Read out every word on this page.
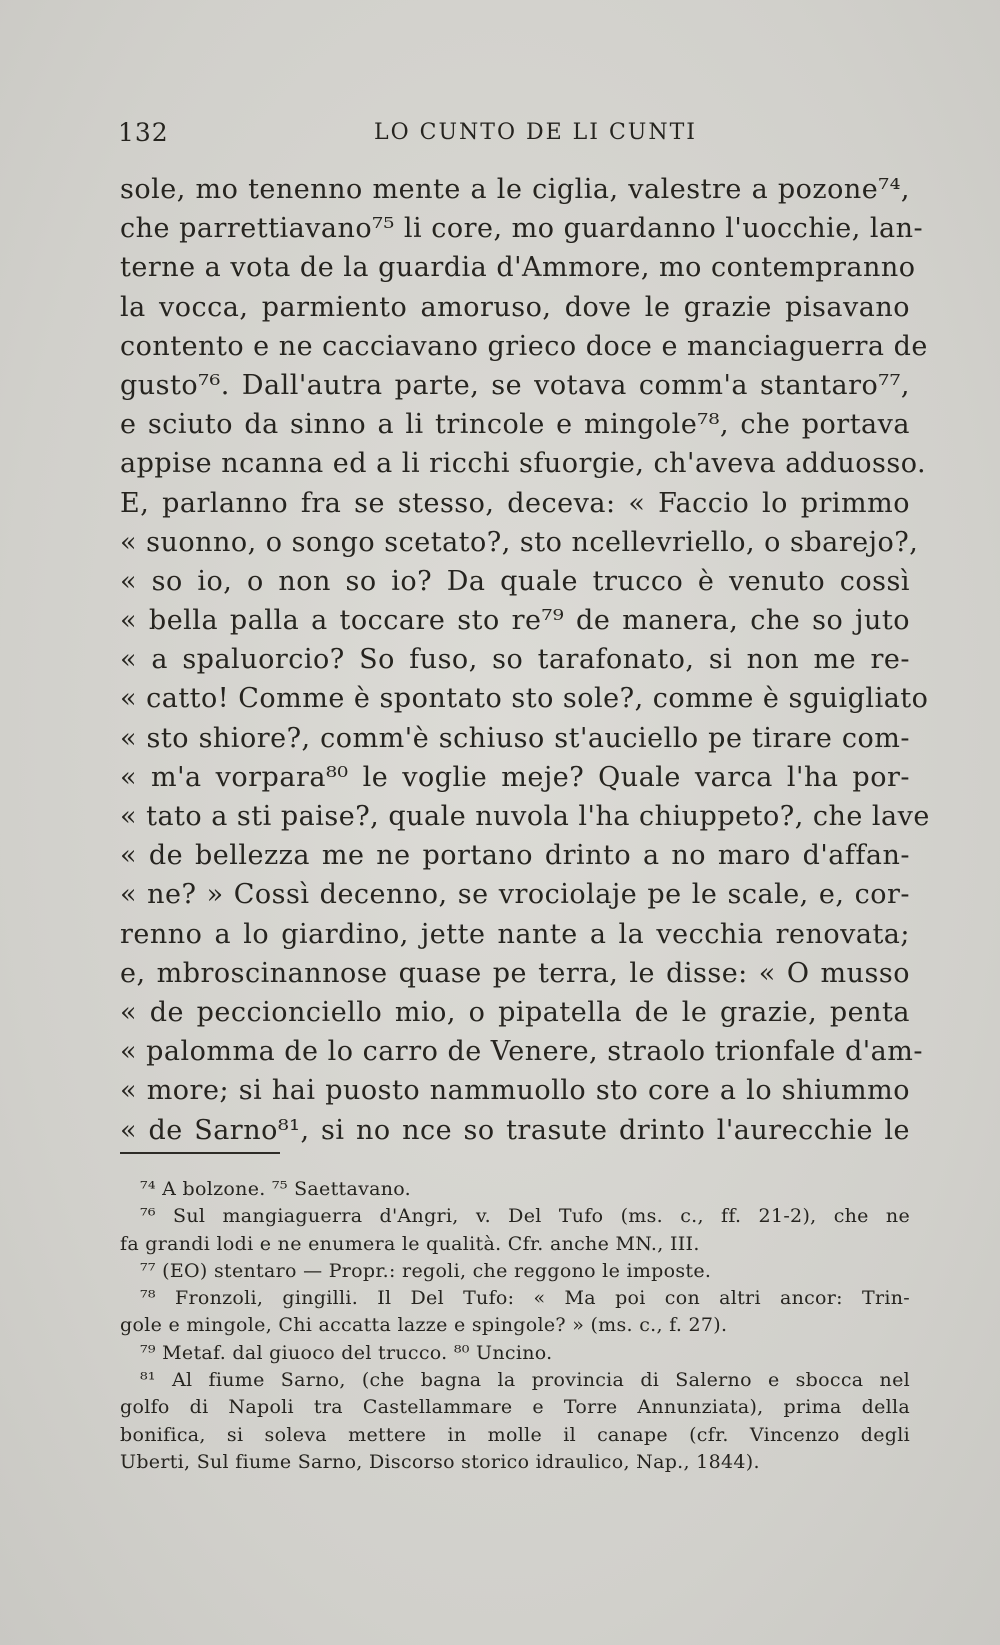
132	LO CUNTO DE LI CUNTI
sole, mo tenenno mente a le ciglia, valestre a pozone⁷⁴,
che parrettiavano⁷⁵ li core, mo guardanno l'uocchie, lan-
terne a vota de la guardia d'Ammore, mo contempranno
la vocca, parmiento amoruso, dove le grazie pisavano
contento e ne cacciavano grieco doce e manciaguerra de
gusto⁷⁶. Dall'autra parte, se votava comm'a stantaro⁷⁷,
e sciuto da sinno a li trincole e mingole⁷⁸, che portava
appise ncanna ed a li ricchi sfuorgie, ch'aveva adduosso.
E, parlanno fra se stesso, deceva: « Faccio lo primmo
« suonno, o songo scetato?, sto ncellevriello, o sbarejo?,
« so io, o non so io? Da quale trucco è venuto cossì
« bella palla a toccare sto re⁷⁹ de manera, che so juto
« a spaluorcio? So fuso, so tarafonato, si non me re-
« catto! Comme è spontato sto sole?, comme è sguigliato
« sto shiore?, comm'è schiuso st'auciello pe tirare com-
« m'a vorpara⁸⁰ le voglie meje? Quale varca l'ha por-
« tato a sti paise?, quale nuvola l'ha chiuppeto?, che lave
« de bellezza me ne portano drinto a no maro d'affan-
« ne? » Cossì decenno, se vrociolaje pe le scale, e, cor-
renno a lo giardino, jette nante a la vecchia renovata;
e, mbroscinannose quase pe terra, le disse: « O musso
« de peccionciello mio, o pipatella de le grazie, penta
« palomma de lo carro de Venere, straolo trionfale d'am-
« more; si hai puosto nammuollo sto core a lo shiummo
« de Sarno⁸¹, si no nce so trasute drinto l'aurecchie le
⁷⁴ A bolzone. ⁷⁵ Saettavano.
⁷⁶ Sul mangiaguerra d'Angri, v. Del Tufo (ms. c., ff. 21-2), che ne
fa grandi lodi e ne enumera le qualità. Cfr. anche MN., III.
⁷⁷ (EO) stentaro — Propr.: regoli, che reggono le imposte.
⁷⁸ Fronzoli, gingilli. Il Del Tufo: « Ma poi con altri ancor: Trin-
gole e mingole, Chi accatta lazze e spingole? » (ms. c., f. 27).
⁷⁹ Metaf. dal giuoco del trucco. ⁸⁰ Uncino.
⁸¹ Al fiume Sarno, (che bagna la provincia di Salerno e sbocca nel
golfo di Napoli tra Castellammare e Torre Annunziata), prima della
bonifica, si soleva mettere in molle il canape (cfr. Vincenzo degli
Uberti, Sul fiume Sarno, Discorso storico idraulico, Nap., 1844).
